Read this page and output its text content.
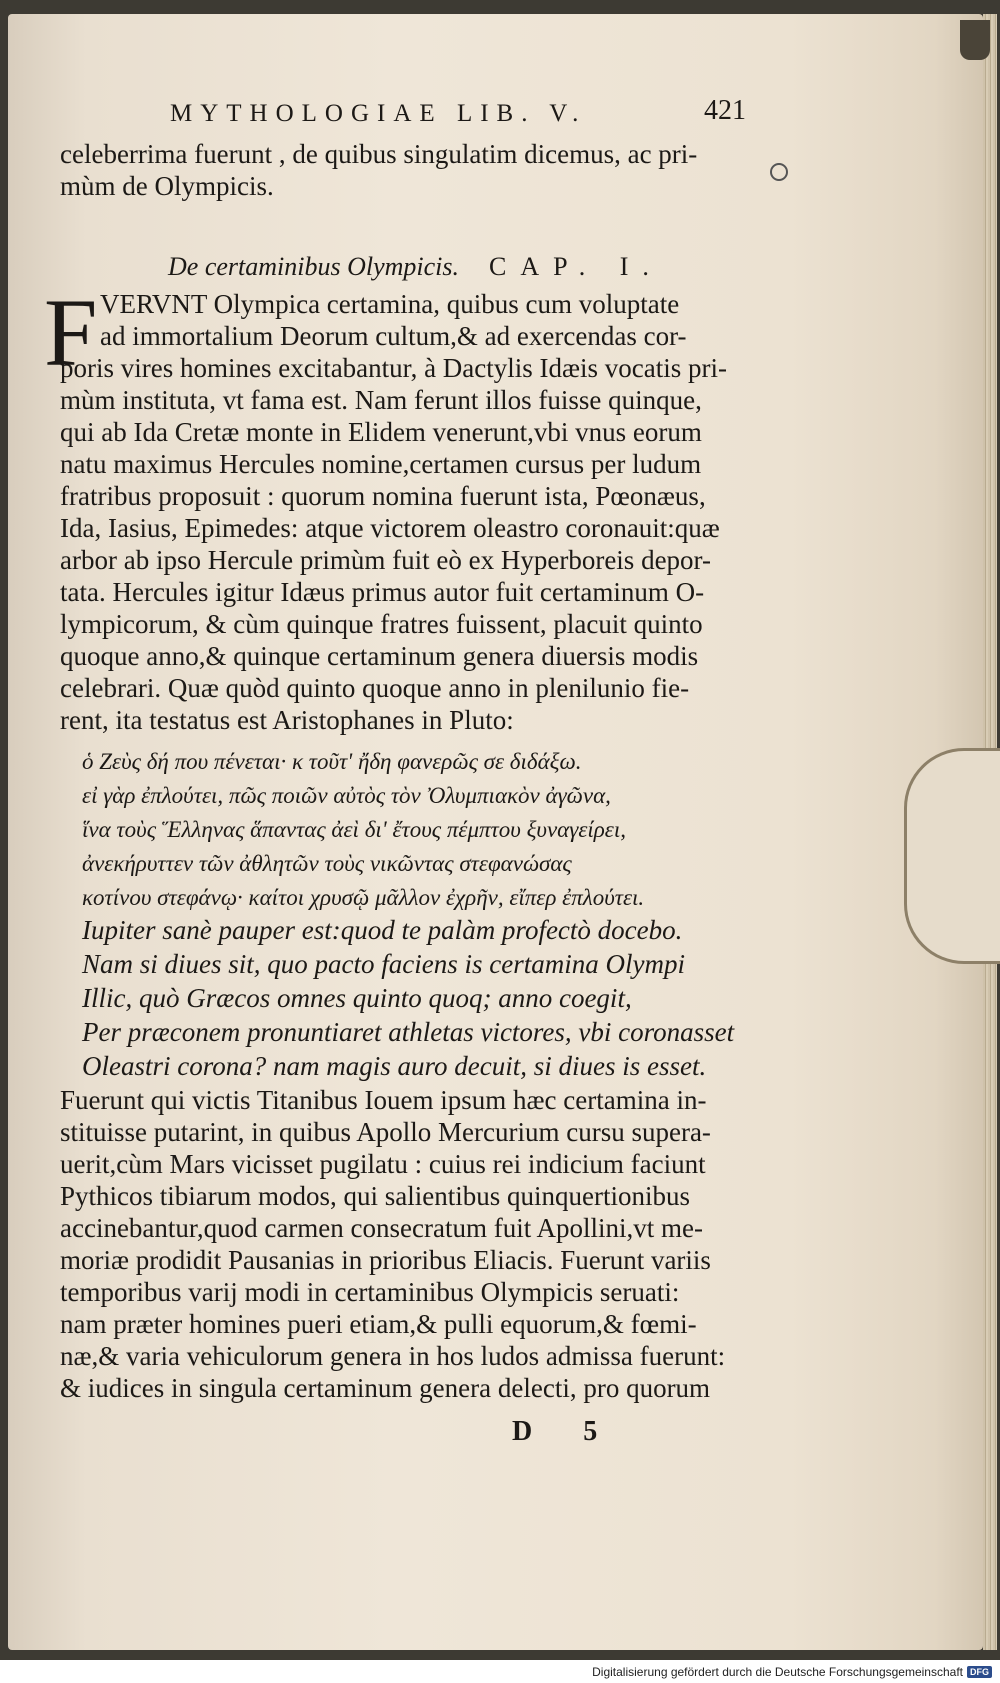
MYTHOLOGIAE LIB. V.	421
De certaminibus Olympicis. CAP. I.
F
celeberrima fuerunt , de quibus singulatim dicemus, ac pri-
mùm de Olympicis.
VERVNT Olympica certamina, quibus cum voluptate
ad immortalium Deorum cultum,& ad exercendas cor-
poris vires homines excitabantur, à Dactylis Idæis vocatis pri-
mùm instituta, vt fama est. Nam ferunt illos fuisse quinque,
qui ab Ida Cretæ monte in Elidem venerunt,vbi vnus eorum
natu maximus Hercules nomine,certamen cursus per ludum
fratribus proposuit : quorum nomina fuerunt ista, Pœonæus,
Ida, Iasius, Epimedes: atque victorem oleastro coronauit:quæ
arbor ab ipso Hercule primùm fuit eò ex Hyperboreis depor-
tata. Hercules igitur Idæus primus autor fuit certaminum O-
lympicorum, & cùm quinque fratres fuissent, placuit quinto
quoque anno,& quinque certaminum genera diuersis modis
celebrari. Quæ quòd quinto quoque anno in plenilunio fie-
rent, ita testatus est Aristophanes in Pluto:
ὁ Ζεὺς δή που πένεται· κ τοῦτ' ἤδη φανερῶς σε διδάξω.
εἰ γὰρ ἐπλούτει, πῶς ποιῶν αὐτὸς τὸν Ὀλυμπιακὸν ἀγῶνα,
ἵνα τοὺς Ἕλληνας ἅπαντας ἀεὶ δι' ἔτους πέμπτου ξυναγείρει,
ἀνεκήρυττεν τῶν ἀθλητῶν τοὺς νικῶντας στεφανώσας
κοτίνου στεφάνῳ· καίτοι χρυσῷ μᾶλλον ἐχρῆν, εἴπερ ἐπλούτει.
Iupiter sanè pauper est:quod te palàm profectò docebo.
Nam si diues sit, quo pacto faciens is certamina Olympi
Illic, quò Græcos omnes quinto quoq; anno coegit,
Per præconem pronuntiaret athletas victores, vbi coronasset
Oleastri corona? nam magis auro decuit, si diues is esset.
Fuerunt qui victis Titanibus Iouem ipsum hæc certamina in-
stituisse putarint, in quibus Apollo Mercurium cursu supera-
uerit,cùm Mars vicisset pugilatu : cuius rei indicium faciunt
Pythicos tibiarum modos, qui salientibus quinquertionibus
accinebantur,quod carmen consecratum fuit Apollini,vt me-
moriæ prodidit Pausanias in prioribus Eliacis. Fuerunt variis
temporibus varij modi in certaminibus Olympicis seruati:
nam præter homines pueri etiam,& pulli equorum,& fœmi-
næ,& varia vehiculorum genera in hos ludos admissa fuerunt:
& iudices in singula certaminum genera delecti, pro quorum
D 5
Digitalisierung gefördert durch die Deutsche Forschungsgemeinschaft DFG
